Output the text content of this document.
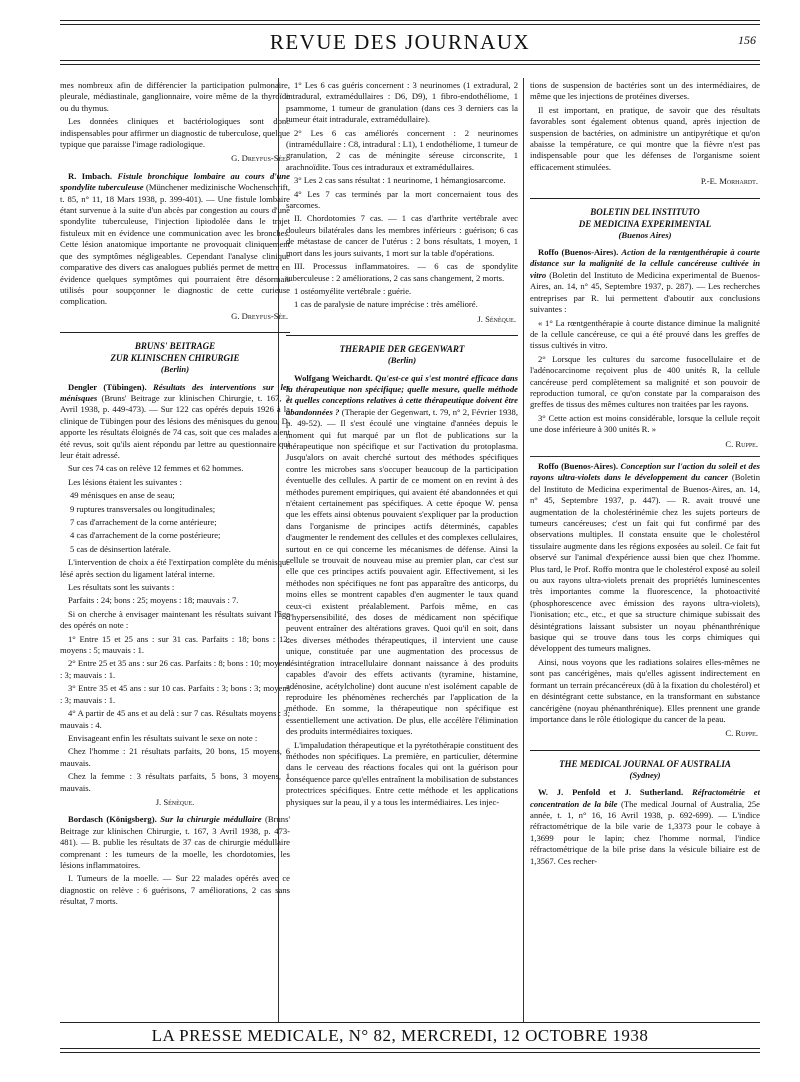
REVUE DES JOURNAUX	156

mes nombreux afin de différencier la participation pulmonaire, pleurale, médiastinale, ganglionnaire, voire même de la thyroïde ou du thymus.

Les données cliniques et bactériologiques sont donc indispensables pour affirmer un diagnostic de tuberculose, quelque typique que paraisse l'image radiologique.

G. Dreyfus-Sée.

R. Imbach. Fistule bronchique lombaire au cours d'une spondylite tuberculeuse (Münchener medizinische Wochenschrift, t. 85, n° 11, 18 Mars 1938, p. 399-401). — Une fistule lombaire étant survenue à la suite d'un abcès par congestion au cours d'une spondylite tuberculeuse, l'injection lipiodolée dans le trajet fistuleux mit en évidence une communication avec les bronches. Cette lésion anatomique importante ne provoquait cliniquement que des symptômes négligeables. Cependant l'analyse clinique comparative des divers cas analogues publiés permet de mettre en évidence quelques symptômes qui pourraient être désormais utilisés pour soupçonner le diagnostic de cette curieuse complication.

G. Dreyfus-Sée.

BRUNS' BEITRAGE
ZUR KLINISCHEN CHIRURGIE
(Berlin)

Dengler (Tübingen). Résultats des interventions sur les ménisques (Bruns' Beitrage zur klinischen Chirurgie, t. 167, 3 Avril 1938, p. 449-473). — Sur 122 cas opérés depuis 1926 à la clinique de Tübingen pour des lésions des ménisques du genou, D. apporte les résultats éloignés de 74 cas, soit que ces malades aient été revus, soit qu'ils aient répondu par lettre au questionnaire qui leur était adressé.

Sur ces 74 cas on relève 12 femmes et 62 hommes.

Les lésions étaient les suivantes :

49 ménisques en anse de seau;

9 ruptures transversales ou longitudinales;

7 cas d'arrachement de la corne antérieure;

4 cas d'arrachement de la corne postérieure;

5 cas de désinsertion latérale.

L'intervention de choix a été l'extirpation complète du ménisque lésé après section du ligament latéral interne.

Les résultats sont les suivants :

Parfaits : 24; bons : 25; moyens : 18; mauvais : 7.

Si on cherche à envisager maintenant les résultats suivant l'âge des opérés on note :

1° Entre 15 et 25 ans : sur 31 cas. Parfaits : 18; bons : 12; moyens : 5; mauvais : 1.

2° Entre 25 et 35 ans : sur 26 cas. Parfaits : 8; bons : 10; moyens : 3; mauvais : 1.

3° Entre 35 et 45 ans : sur 10 cas. Parfaits : 3; bons : 3; moyens : 3; mauvais : 1.

4° A partir de 45 ans et au delà : sur 7 cas. Résultats moyens : 3; mauvais : 4.

Envisageant enfin les résultats suivant le sexe on note :

Chez l'homme : 21 résultats parfaits, 20 bons, 15 moyens, 6 mauvais.

Chez la femme : 3 résultats parfaits, 5 bons, 3 moyens, 1 mauvais.

J. Sénèque.

Bordasch (Königsberg). Sur la chirurgie médullaire (Bruns' Beitrage zur klinischen Chirurgie, t. 167, 3 Avril 1938, p. 473-481). — B. publie les résultats de 37 cas de chirurgie médullaire comprenant : les tumeurs de la moelle, les chordotomies, les lésions inflammatoires.

I. Tumeurs de la moelle. — Sur 22 malades opérés avec ce diagnostic on relève : 6 guérisons, 7 améliorations, 2 cas sans résultat, 7 morts.

1° Les 6 cas guéris concernent : 3 neurinomes (1 extradural, 2 intradural, extramédullaires : D6, D9), 1 fibro-endothéliome, 1 psammome, 1 tumeur de granulation (dans ces 3 derniers cas la tumeur était intradurale, extramédullaire).

2° Les 6 cas améliorés concernent : 2 neurinomes (intramédullaire : C8, intradural : L1), 1 endothéliome, 1 tumeur de granulation, 2 cas de méningite séreuse circonscrite, 1 arachnoïdite. Tous ces intraduraux et extramédullaires.

3° Les 2 cas sans résultat : 1 neurinome, 1 hémangiosarcome.

4° Les 7 cas terminés par la mort concernaient tous des sarcomes.

II. Chordotomies 7 cas. — 1 cas d'arthrite vertébrale avec douleurs bilatérales dans les membres inférieurs : guérison; 6 cas de métastase de cancer de l'utérus : 2 bons résultats, 1 moyen, 1 mort dans les jours suivants, 1 mort sur la table d'opérations.

III. Processus inflammatoires. — 6 cas de spondylite tuberculeuse : 2 améliorations, 2 cas sans changement, 2 morts.

1 ostéomyélite vertébrale : guérie.

1 cas de paralysie de nature imprécise : très amélioré.

J. Sénèque.

THERAPIE DER GEGENWART
(Berlin)

Wolfgang Weichardt. Qu'est-ce qui s'est montré efficace dans la thérapeutique non spécifique; quelle mesure, quelle méthode et quelles conceptions relatives à cette thérapeutique doivent être abandonnées ? (Therapie der Gegenwart, t. 79, n° 2, Février 1938, p. 49-52). — Il s'est écoulé une vingtaine d'années depuis le moment qui fut marqué par un flot de publications sur la thérapeutique non spécifique et sur l'activation du protoplasma. Jusqu'alors on avait cherché surtout des méthodes spécifiques contre les microbes sans s'occuper beaucoup de la participation éventuelle des cellules. A partir de ce moment on en revint à des méthodes purement empiriques, qui avaient été abandonnées et qui n'étaient certainement pas spécifiques. A cette époque W. pensa que les effets ainsi obtenus pouvaient s'expliquer par la production dans l'organisme de principes actifs déterminés, capables d'augmenter le rendement des cellules et des complexes cellulaires, surtout en ce qui concerne les mécanismes de défense. Ainsi la cellule se trouvait de nouveau mise au premier plan, car c'est sur elle que ces principes actifs pouvaient agir. Effectivement, si les méthodes non spécifiques ne font pas apparaître des anticorps, du moins elles se montrent capables d'en augmenter le taux quand ceux-ci existent préalablement. Parfois même, en cas d'hypersensibilité, des doses de médicament non spécifique peuvent entraîner des altérations graves. Quoi qu'il en soit, dans ces diverses méthodes thérapeutiques, il intervient une cause unique, constituée par une augmentation des processus de désintégration intracellulaire donnant naissance à des produits capables d'avoir des effets activants (tyramine, histamine, adénosine, acétylcholine) dont aucune n'est isolément capable de reproduire les phénomènes recherchés par l'application de la méthode. En somme, la thérapeutique non spécifique est essentiellement une activation. De plus, elle accélère l'élimination des produits intermédiaires toxiques.

L'impaludation thérapeutique et la pyrétothérapie constituent des méthodes non spécifiques. La première, en particulier, détermine dans le cerveau des réactions focales qui ont la guérison pour conséquence parce qu'elles entraînent la mobilisation de substances protectrices spécifiques. Entre cette méthode et les applications physiques sur la peau, il y a tous les intermédiaires. Les injec-

tions de suspension de bactéries sont un des intermédiaires, de même que les injections de protéines diverses.

Il est important, en pratique, de savoir que des résultats favorables sont également obtenus quand, après injection de suspension de bactéries, on administre un antipyrétique et qu'on abaisse la température, ce qui montre que la fièvre n'est pas indispensable pour que les défenses de l'organisme soient efficacement stimulées.

P.-E. Morhardt.

BOLETIN DEL INSTITUTO
DE MEDICINA EXPERIMENTAL
(Buenos Aires)

Roffo (Buenos-Aires). Action de la rœntgenthérapie à courte distance sur la malignité de la cellule cancéreuse cultivée in vitro (Boletin del Instituto de Medicina experimental de Buenos-Aires, an. 14, n° 45, Septembre 1937, p. 287). — Les recherches entreprises par R. lui permettent d'aboutir aux conclusions suivantes :

« 1° La rœntgenthérapie à courte distance diminue la malignité de la cellule cancéreuse, ce qui a été prouvé dans les greffes de tissus cultivés in vitro.

2° Lorsque les cultures du sarcome fusocellulaire et de l'adénocarcinome reçoivent plus de 400 unités R, la cellule cancéreuse perd complètement sa malignité et son pouvoir de reproduction tumoral, ce qu'on constate par la comparaison des greffes de tissus des mêmes cultures non traitées par les rayons.

3° Cette action est moins considérable, lorsque la cellule reçoit une dose inférieure à 300 unités R. »

C. Ruppe.

Roffo (Buenos-Aires). Conception sur l'action du soleil et des rayons ultra-violets dans le développement du cancer (Boletin del Instituto de Medicina experimental de Buenos-Aires, an. 14, n° 45, Septembre 1937, p. 447). — R. avait trouvé une augmentation de la cholestérinémie chez les sujets porteurs de tumeurs cancéreuses; c'est un fait qui fut confirmé par des observations multiples. Il constata ensuite que le cholestérol tissulaire augmente dans les régions exposées au soleil. Ce fait fut observé sur l'animal d'expérience aussi bien que chez l'homme. Plus tard, le Prof. Roffo montra que le cholestérol exposé au soleil ou aux rayons ultra-violets prenait des propriétés luminescentes très importantes comme la fluorescence, la photoactivité (phosphorescence avec émission des rayons ultra-violets), l'ionisation; etc., etc., et que sa structure chimique subissait des désintégrations laissant subsister un noyau phénanthrénique basique qui se trouve dans tous les corps chimiques qui développent des tumeurs malignes.

Ainsi, nous voyons que les radiations solaires elles-mêmes ne sont pas cancérigènes, mais qu'elles agissent indirectement en formant un terrain précancéreux (dû à la fixation du cholestérol) et en désintégrant cette substance, en la transformant en substance cancérigène (noyau phénanthrénique). Elles prennent une grande importance dans le rôle étiologique du cancer de la peau.

C. Ruppe.

THE MEDICAL JOURNAL OF AUSTRALIA
(Sydney)

W. J. Penfold et J. Sutherland. Réfractométrie et concentration de la bile (The medical Journal of Australia, 25e année, t. 1, n° 16, 16 Avril 1938, p. 692-699). — L'indice réfractométrique de la bile varie de 1,3373 pour le cobaye à 1,3699 pour le lapin; chez l'homme normal, l'indice réfractométrique de la bile prise dans la vésicule biliaire est de 1,3567. Ces recher-

LA PRESSE MEDICALE, N° 82, MERCREDI, 12 OCTOBRE 1938
